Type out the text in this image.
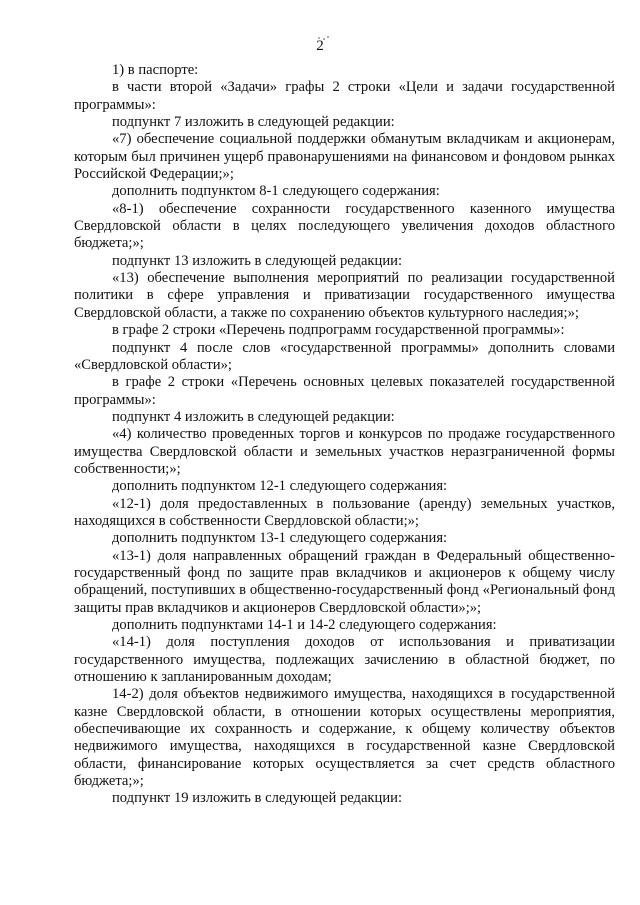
2

1) в паспорте:

в части второй «Задачи» графы 2 строки «Цели и задачи государственной программы»:

подпункт 7 изложить в следующей редакции:

«7) обеспечение социальной поддержки обманутым вкладчикам и акционерам, которым был причинен ущерб правонарушениями на финансовом и фондовом рынках Российской Федерации;»;

дополнить подпунктом 8-1 следующего содержания:

«8-1) обеспечение сохранности государственного казенного имущества Свердловской области в целях последующего увеличения доходов областного бюджета;»;

подпункт 13 изложить в следующей редакции:

«13) обеспечение выполнения мероприятий по реализации государственной политики в сфере управления и приватизации государственного имущества Свердловской области, а также по сохранению объектов культурного наследия;»;

в графе 2 строки «Перечень подпрограмм государственной программы»:

подпункт 4 после слов «государственной программы» дополнить словами «Свердловской области»;

в графе 2 строки «Перечень основных целевых показателей государственной программы»:

подпункт 4 изложить в следующей редакции:

«4) количество проведенных торгов и конкурсов по продаже государственного имущества Свердловской области и земельных участков неразграниченной формы собственности;»;

дополнить подпунктом 12-1 следующего содержания:

«12-1) доля предоставленных в пользование (аренду) земельных участков, находящихся в собственности Свердловской области;»;

дополнить подпунктом 13-1 следующего содержания:

«13-1) доля направленных обращений граждан в Федеральный общественно-государственный фонд по защите прав вкладчиков и акционеров к общему числу обращений, поступивших в общественно-государственный фонд «Региональный фонд защиты прав вкладчиков и акционеров Свердловской области»;»;

дополнить подпунктами 14-1 и 14-2 следующего содержания:

«14-1) доля поступления доходов от использования и приватизации государственного имущества, подлежащих зачислению в областной бюджет, по отношению к запланированным доходам;

14-2) доля объектов недвижимого имущества, находящихся в государственной казне Свердловской области, в отношении которых осуществлены мероприятия, обеспечивающие их сохранность и содержание, к общему количеству объектов недвижимого имущества, находящихся в государственной казне Свердловской области, финансирование которых осуществляется за счет средств областного бюджета;»;

подпункт 19 изложить в следующей редакции:
